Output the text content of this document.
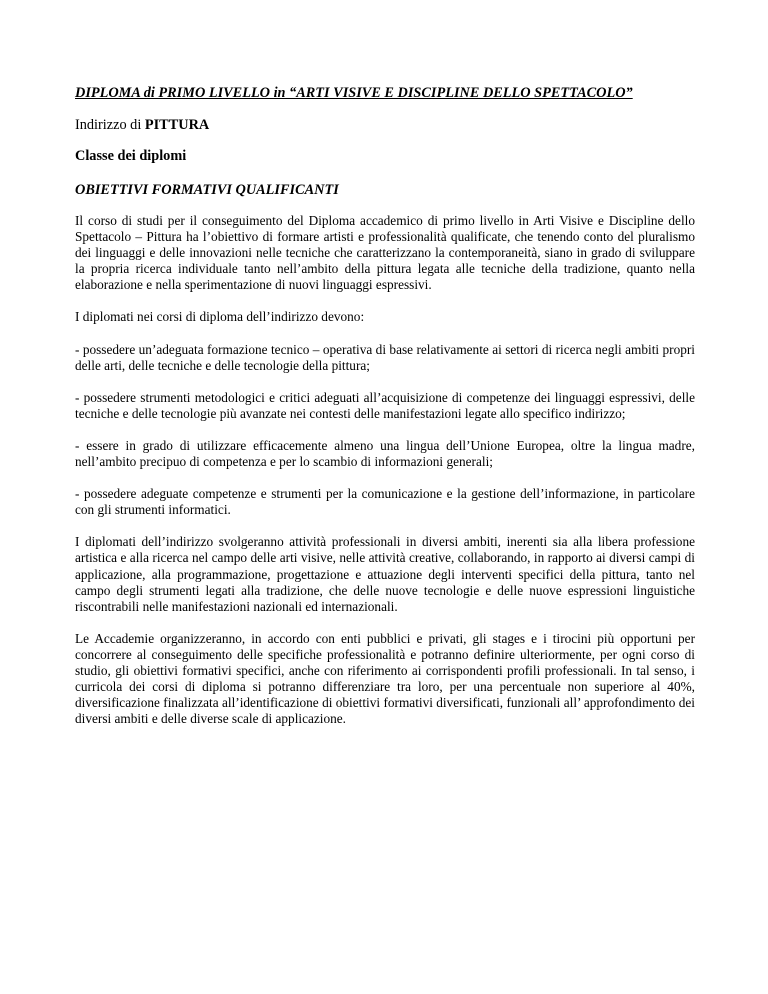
DIPLOMA di PRIMO LIVELLO in “ARTI VISIVE E DISCIPLINE DELLO SPETTACOLO”

Indirizzo di PITTURA

Classe dei diplomi

OBIETTIVI FORMATIVI QUALIFICANTI

Il corso di studi per il conseguimento del Diploma accademico di primo livello in Arti Visive e Discipline dello Spettacolo – Pittura ha l’obiettivo di formare artisti e professionalità qualificate, che tenendo conto del pluralismo dei linguaggi e delle innovazioni nelle tecniche che caratterizzano la contemporaneità, siano in grado di sviluppare la propria ricerca individuale tanto nell’ambito della pittura legata alle tecniche della tradizione, quanto nella elaborazione e nella sperimentazione di nuovi linguaggi espressivi.

I diplomati nei corsi di diploma dell’indirizzo devono:

- possedere un’adeguata formazione tecnico – operativa di base relativamente ai settori di ricerca negli ambiti propri delle arti, delle tecniche e delle tecnologie della pittura;

- possedere strumenti metodologici e critici adeguati all’acquisizione di competenze dei linguaggi espressivi, delle tecniche e delle tecnologie più avanzate nei contesti delle manifestazioni legate allo specifico indirizzo;

- essere in grado di utilizzare efficacemente almeno una lingua dell’Unione Europea, oltre la lingua madre, nell’ambito precipuo di competenza e per lo scambio di informazioni generali;

- possedere adeguate competenze e strumenti per la comunicazione e la gestione dell’informazione, in particolare con gli strumenti informatici.

I diplomati dell’indirizzo svolgeranno attività professionali in diversi ambiti, inerenti sia alla libera professione artistica e alla ricerca nel campo delle arti visive, nelle attività creative, collaborando, in rapporto ai diversi campi di applicazione, alla programmazione, progettazione e attuazione degli interventi specifici della pittura, tanto nel campo degli strumenti legati alla tradizione, che delle nuove tecnologie e delle nuove espressioni linguistiche riscontrabili nelle manifestazioni nazionali ed internazionali.

Le Accademie organizzeranno, in accordo con enti pubblici e privati, gli stages e i tirocini più opportuni per concorrere al conseguimento delle specifiche professionalità e potranno definire ulteriormente, per ogni corso di studio, gli obiettivi formativi specifici, anche con riferimento ai corrispondenti profili professionali. In tal senso, i curricola dei corsi di diploma si potranno differenziare tra loro, per una percentuale non superiore al 40%, diversificazione finalizzata all’identificazione di obiettivi formativi diversificati, funzionali all’ approfondimento dei diversi ambiti e delle diverse scale di applicazione.
